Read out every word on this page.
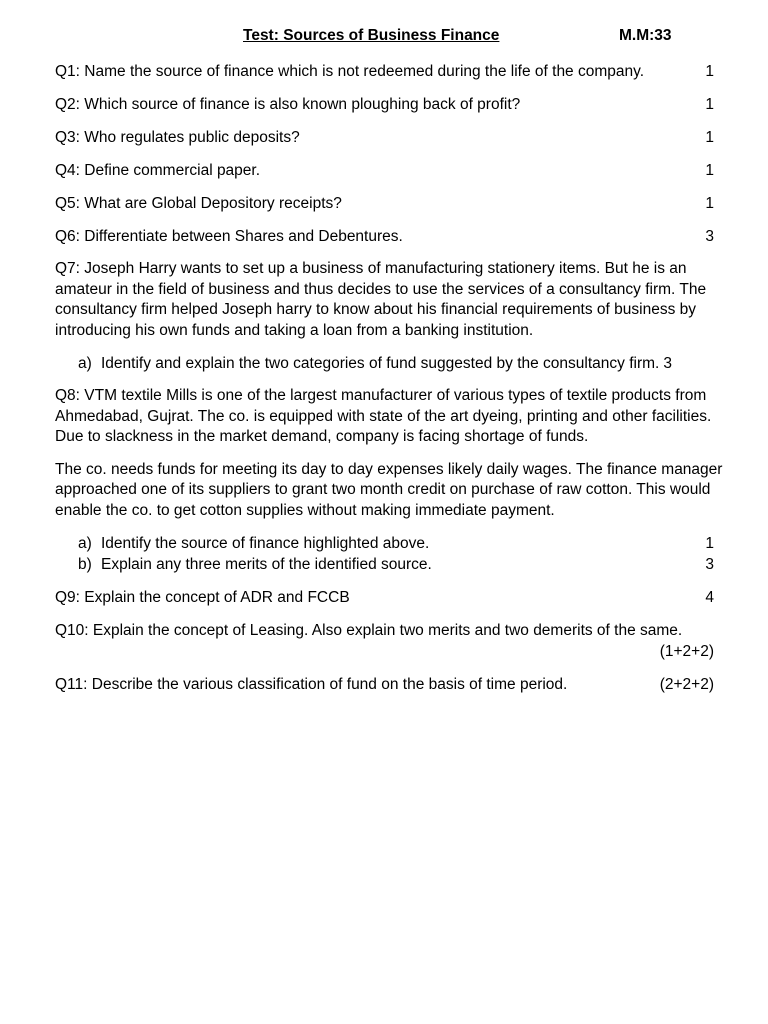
Test: Sources of Business Finance	M.M:33
Q1: Name the source of finance which is not redeemed during the life of the company.	1
Q2: Which source of finance is also known ploughing back of profit?	1
Q3: Who regulates public deposits?	1
Q4: Define commercial paper.	1
Q5: What are Global Depository receipts?	1
Q6: Differentiate between Shares and Debentures.	3
Q7: Joseph Harry wants to set up a business of manufacturing stationery items. But he is an amateur in the field of business and thus decides to use the services of a consultancy firm. The consultancy firm helped Joseph harry to know about his financial requirements of business by introducing his own funds and taking a loan from a banking institution.
a) Identify and explain the two categories of fund suggested by the consultancy firm. 3
Q8: VTM textile Mills is one of the largest manufacturer of various types of textile products from Ahmedabad, Gujrat. The co. is equipped with state of the art dyeing, printing and other facilities. Due to slackness in the market demand, company is facing shortage of funds.
The co. needs funds for meeting its day to day expenses likely daily wages. The finance manager approached one of its suppliers to grant two month credit on purchase of raw cotton. This would enable the co. to get cotton supplies without making immediate payment.
a) Identify the source of finance highlighted above.	1
b) Explain any three merits of the identified source.	3
Q9: Explain the concept of ADR and FCCB	4
Q10: Explain the concept of Leasing. Also explain two merits and two demerits of the same.
(1+2+2)
Q11: Describe the various classification of fund on the basis of time period.	(2+2+2)
